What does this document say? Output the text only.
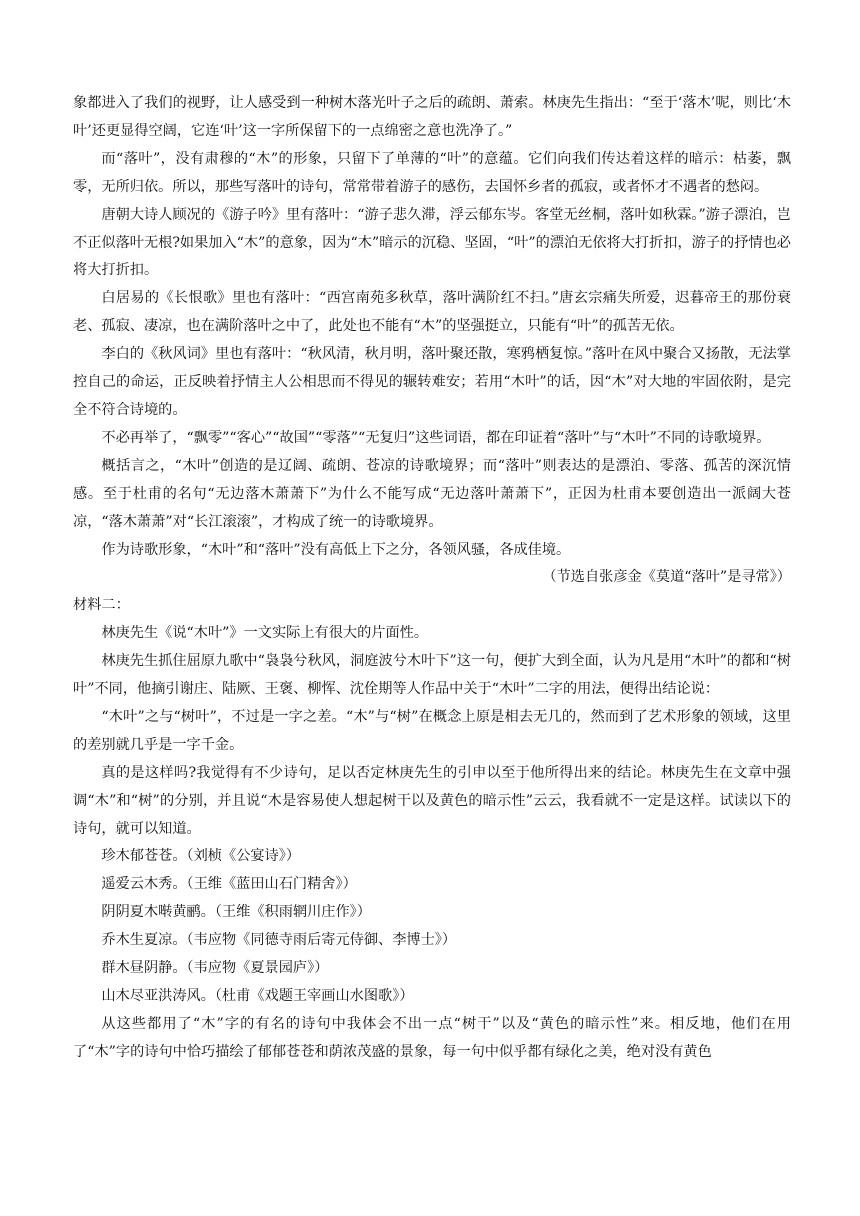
象都进入了我们的视野，让人感受到一种树木落光叶子之后的疏朗、萧索。林庚先生指出：“至于‘落木’呢，则比‘木叶’还更显得空阔，它连‘叶’这一字所保留下的一点绵密之意也洗净了。”

而“落叶”，没有肃穆的“木”的形象，只留下了单薄的“叶”的意蕴。它们向我们传达着这样的暗示：枯萎，飘零，无所归依。所以，那些写落叶的诗句，常常带着游子的感伤，去国怀乡者的孤寂，或者怀才不遇者的愁闷。

唐朝大诗人顾况的《游子吟》里有落叶：“游子悲久滞，浮云郁东岑。客堂无丝桐，落叶如秋霖。”游子漂泊，岂不正似落叶无根?如果加入“木”的意象，因为“木”暗示的沉稳、坚固，“叶”的漂泊无依将大打折扣，游子的抒情也必将大打折扣。

白居易的《长恨歌》里也有落叶：“西宫南苑多秋草，落叶满阶红不扫。”唐玄宗痛失所爱，迟暮帝王的那份衰老、孤寂、凄凉，也在满阶落叶之中了，此处也不能有“木”的坚强挺立，只能有“叶”的孤苦无依。

李白的《秋风词》里也有落叶：“秋风清，秋月明，落叶聚还散，寒鸦栖复惊。”落叶在风中聚合又扬散，无法掌控自己的命运，正反映着抒情主人公相思而不得见的辗转难安；若用“木叶”的话，因“木”对大地的牢固依附，是完全不符合诗境的。

不必再举了，“飘零”“客心”“故国”“零落”“无复归”这些词语，都在印证着“落叶”与“木叶”不同的诗歌境界。

概括言之，“木叶”创造的是辽阔、疏朗、苍凉的诗歌境界；而“落叶”则表达的是漂泊、零落、孤苦的深沉情感。至于杜甫的名句“无边落木萧萧下”为什么不能写成“无边落叶萧萧下”，正因为杜甫本要创造出一派阔大苍凉，“落木萧萧”对“长江滚滚”，才构成了统一的诗歌境界。

作为诗歌形象，“木叶”和“落叶”没有高低上下之分，各领风骚，各成佳境。

（节选自张彦金《莫道“落叶”是寻常》）

材料二：

林庚先生《说“木叶”》一文实际上有很大的片面性。

林庚先生抓住屈原九歌中“袅袅兮秋风，洞庭波兮木叶下”这一句，便扩大到全面，认为凡是用“木叶”的都和“树叶”不同，他摘引谢庄、陆厥、王褒、柳恽、沈佺期等人作品中关于“木叶”二字的用法，便得出结论说：

“木叶”之与“树叶”，不过是一字之差。“木”与“树”在概念上原是相去无几的，然而到了艺术形象的领域，这里的差别就几乎是一字千金。

真的是这样吗?我觉得有不少诗句，足以否定林庚先生的引申以至于他所得出来的结论。林庚先生在文章中强调“木”和“树”的分别，并且说“木是容易使人想起树干以及黄色的暗示性”云云，我看就不一定是这样。试读以下的诗句，就可以知道。

珍木郁苍苍。（刘桢《公宴诗》）

遥爱云木秀。（王维《蓝田山石门精舍》）

阴阴夏木啭黄鹂。（王维《积雨辋川庄作》）

乔木生夏凉。（韦应物《同德寺雨后寄元侍御、李博士》）

群木昼阴静。（韦应物《夏景园庐》）

山木尽亚洪涛风。（杜甫《戏题王宰画山水图歌》）

从这些都用了“木”字的有名的诗句中我体会不出一点“树干”以及“黄色的暗示性”来。相反地，他们在用了“木”字的诗句中恰巧描绘了郁郁苍苍和荫浓茂盛的景象，每一句中似乎都有绿化之美，绝对没有黄色
